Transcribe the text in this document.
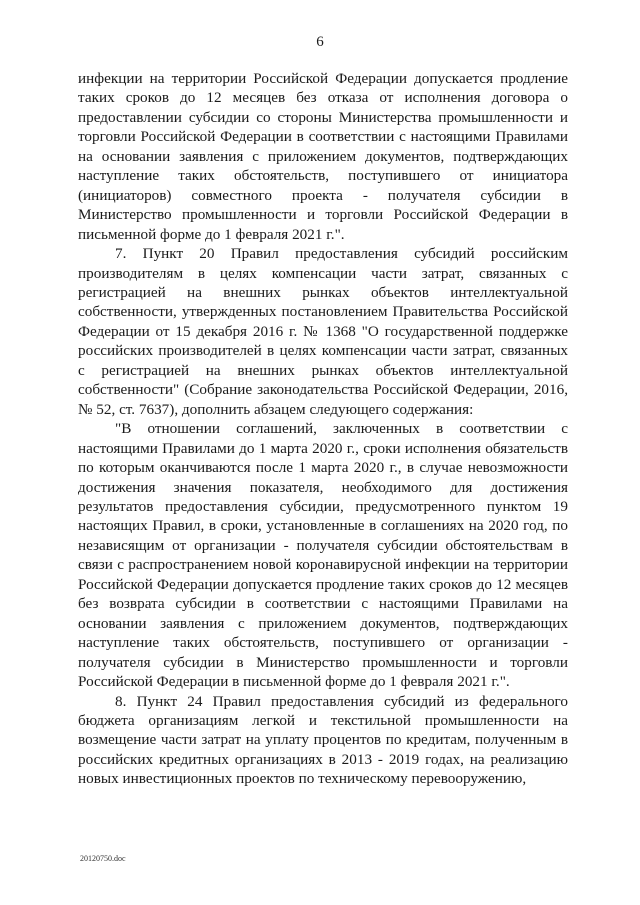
6

инфекции на территории Российской Федерации допускается продление таких сроков до 12 месяцев без отказа от исполнения договора о предоставлении субсидии со стороны Министерства промышленности и торговли Российской Федерации в соответствии с настоящими Правилами на основании заявления с приложением документов, подтверждающих наступление таких обстоятельств, поступившего от инициатора (инициаторов) совместного проекта - получателя субсидии в Министерство промышленности и торговли Российской Федерации в письменной форме до 1 февраля 2021 г.".

7. Пункт 20 Правил предоставления субсидий российским производителям в целях компенсации части затрат, связанных с регистрацией на внешних рынках объектов интеллектуальной собственности, утвержденных постановлением Правительства Российской Федерации от 15 декабря 2016 г. № 1368 "О государственной поддержке российских производителей в целях компенсации части затрат, связанных с регистрацией на внешних рынках объектов интеллектуальной собственности" (Собрание законодательства Российской Федерации, 2016, № 52, ст. 7637), дополнить абзацем следующего содержания:

"В отношении соглашений, заключенных в соответствии с настоящими Правилами до 1 марта 2020 г., сроки исполнения обязательств по которым оканчиваются после 1 марта 2020 г., в случае невозможности достижения значения показателя, необходимого для достижения результатов предоставления субсидии, предусмотренного пунктом 19 настоящих Правил, в сроки, установленные в соглашениях на 2020 год, по независящим от организации - получателя субсидии обстоятельствам в связи с распространением новой коронавирусной инфекции на территории Российской Федерации допускается продление таких сроков до 12 месяцев без возврата субсидии в соответствии с настоящими Правилами на основании заявления с приложением документов, подтверждающих наступление таких обстоятельств, поступившего от организации - получателя субсидии в Министерство промышленности и торговли Российской Федерации в письменной форме до 1 февраля 2021 г.".

8. Пункт 24 Правил предоставления субсидий из федерального бюджета организациям легкой и текстильной промышленности на возмещение части затрат на уплату процентов по кредитам, полученным в российских кредитных организациях в 2013 - 2019 годах, на реализацию новых инвестиционных проектов по техническому перевооружению,

20120750.doc
